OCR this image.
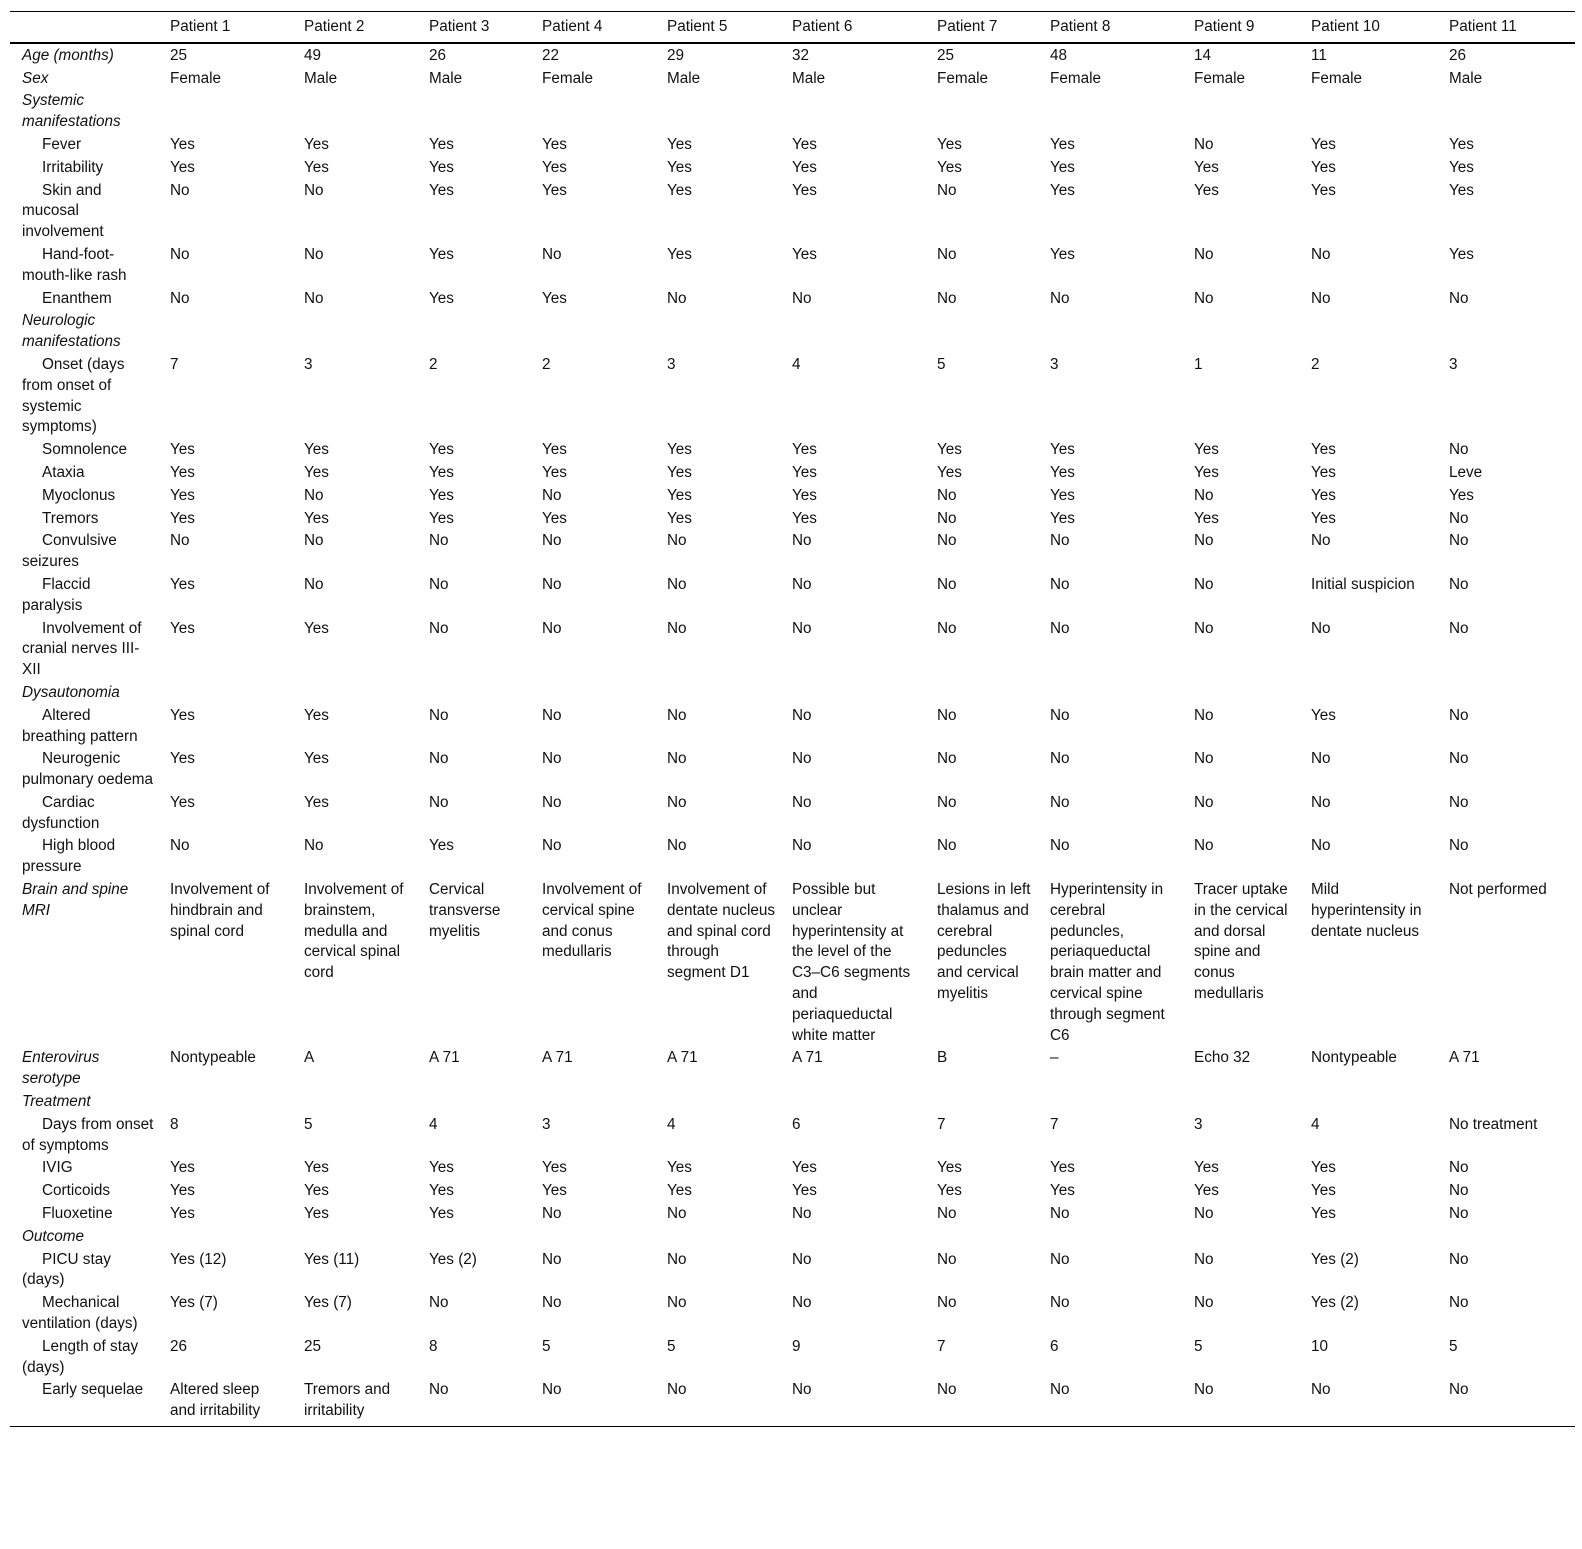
	Patient 1	Patient 2	Patient 3	Patient 4	Patient 5	Patient 6	Patient 7	Patient 8	Patient 9	Patient 10	Patient 11
Age (months)	25	49	26	22	29	32	25	48	14	11	26
Sex	Female	Male	Male	Female	Male	Male	Female	Female	Female	Female	Male
Systemic manifestations											
Fever	Yes	Yes	Yes	Yes	Yes	Yes	Yes	Yes	No	Yes	Yes
Irritability	Yes	Yes	Yes	Yes	Yes	Yes	Yes	Yes	Yes	Yes	Yes
Skin and mucosal involvement	No	No	Yes	Yes	Yes	Yes	No	Yes	Yes	Yes	Yes
Hand-foot-mouth-like rash	No	No	Yes	No	Yes	Yes	No	Yes	No	No	Yes
Enanthem	No	No	Yes	Yes	No	No	No	No	No	No	No
Neurologic manifestations											
Onset (days from onset of systemic symptoms)	7	3	2	2	3	4	5	3	1	2	3
Somnolence	Yes	Yes	Yes	Yes	Yes	Yes	Yes	Yes	Yes	Yes	No
Ataxia	Yes	Yes	Yes	Yes	Yes	Yes	Yes	Yes	Yes	Yes	Leve
Myoclonus	Yes	No	Yes	No	Yes	Yes	No	Yes	No	Yes	Yes
Tremors	Yes	Yes	Yes	Yes	Yes	Yes	No	Yes	Yes	Yes	No
Convulsive seizures	No	No	No	No	No	No	No	No	No	No	No
Flaccid paralysis	Yes	No	No	No	No	No	No	No	No	Initial suspicion	No
Involvement of cranial nerves III-XII	Yes	Yes	No	No	No	No	No	No	No	No	No
Dysautonomia											
Altered breathing pattern	Yes	Yes	No	No	No	No	No	No	No	Yes	No
Neurogenic pulmonary oedema	Yes	Yes	No	No	No	No	No	No	No	No	No
Cardiac dysfunction	Yes	Yes	No	No	No	No	No	No	No	No	No
High blood pressure	No	No	Yes	No	No	No	No	No	No	No	No
Brain and spine MRI	Involvement of hindbrain and spinal cord	Involvement of brainstem, medulla and cervical spinal cord	Cervical transverse myelitis	Involvement of cervical spine and conus medullaris	Involvement of dentate nucleus and spinal cord through segment D1	Possible but unclear hyperintensity at the level of the C3–C6 segments and periaqueductal white matter	Lesions in left thalamus and cerebral peduncles and cervical myelitis	Hyperintensity in cerebral peduncles, periaqueductal brain matter and cervical spine through segment C6	Tracer uptake in the cervical and dorsal spine and conus medullaris	Mild hyperintensity in dentate nucleus	Not performed
Enterovirus serotype	Nontypeable	A	A 71	A 71	A 71	A 71	B	–	Echo 32	Nontypeable	A 71
Treatment											
Days from onset of symptoms	8	5	4	3	4	6	7	7	3	4	No treatment
IVIG	Yes	Yes	Yes	Yes	Yes	Yes	Yes	Yes	Yes	Yes	No
Corticoids	Yes	Yes	Yes	Yes	Yes	Yes	Yes	Yes	Yes	Yes	No
Fluoxetine	Yes	Yes	Yes	No	No	No	No	No	No	Yes	No
Outcome											
PICU stay (days)	Yes (12)	Yes (11)	Yes (2)	No	No	No	No	No	No	Yes (2)	No
Mechanical ventilation (days)	Yes (7)	Yes (7)	No	No	No	No	No	No	No	Yes (2)	No
Length of stay (days)	26	25	8	5	5	9	7	6	5	10	5
Early sequelae	Altered sleep and irritability	Tremors and irritability	No	No	No	No	No	No	No	No	No
